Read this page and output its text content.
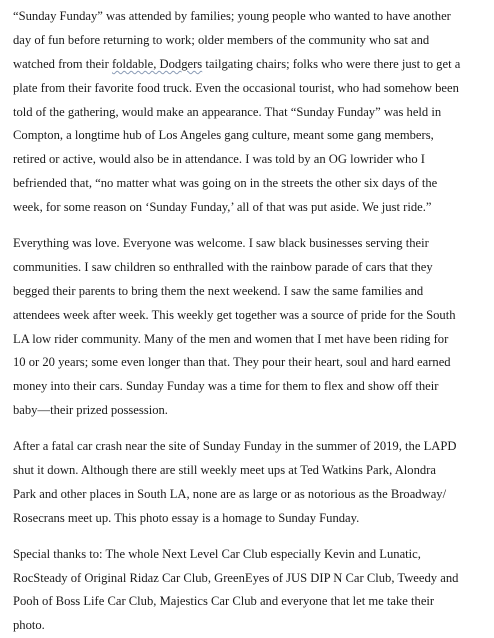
“Sunday Funday” was attended by families; young people who wanted to have another
day of fun before returning to work; older members of the community who sat and
watched from their foldable, Dodgers tailgating chairs; folks who were there just to get a
plate from their favorite food truck. Even the occasional tourist, who had somehow been
told of the gathering, would make an appearance. That “Sunday Funday” was held in
Compton, a longtime hub of Los Angeles gang culture, meant some gang members,
retired or active, would also be in attendance. I was told by an OG lowrider who I
befriended that, “no matter what was going on in the streets the other six days of the
week, for some reason on ‘Sunday Funday,’ all of that was put aside. We just ride.”

Everything was love. Everyone was welcome. I saw black businesses serving their
communities. I saw children so enthralled with the rainbow parade of cars that they
begged their parents to bring them the next weekend. I saw the same families and
attendees week after week. This weekly get together was a source of pride for the South
LA low rider community. Many of the men and women that I met have been riding for
10 or 20 years; some even longer than that. They pour their heart, soul and hard earned
money into their cars. Sunday Funday was a time for them to flex and show off their
baby—their prized possession.

After a fatal car crash near the site of Sunday Funday in the summer of 2019, the LAPD
shut it down. Although there are still weekly meet ups at Ted Watkins Park, Alondra
Park and other places in South LA, none are as large or as notorious as the Broadway/
Rosecrans meet up. This photo essay is a homage to Sunday Funday.

Special thanks to: The whole Next Level Car Club especially Kevin and Lunatic,
RocSteady of Original Ridaz Car Club, GreenEyes of JUS DIP N Car Club, Tweedy and
Pooh of Boss Life Car Club, Majestics Car Club and everyone that let me take their
photo.
